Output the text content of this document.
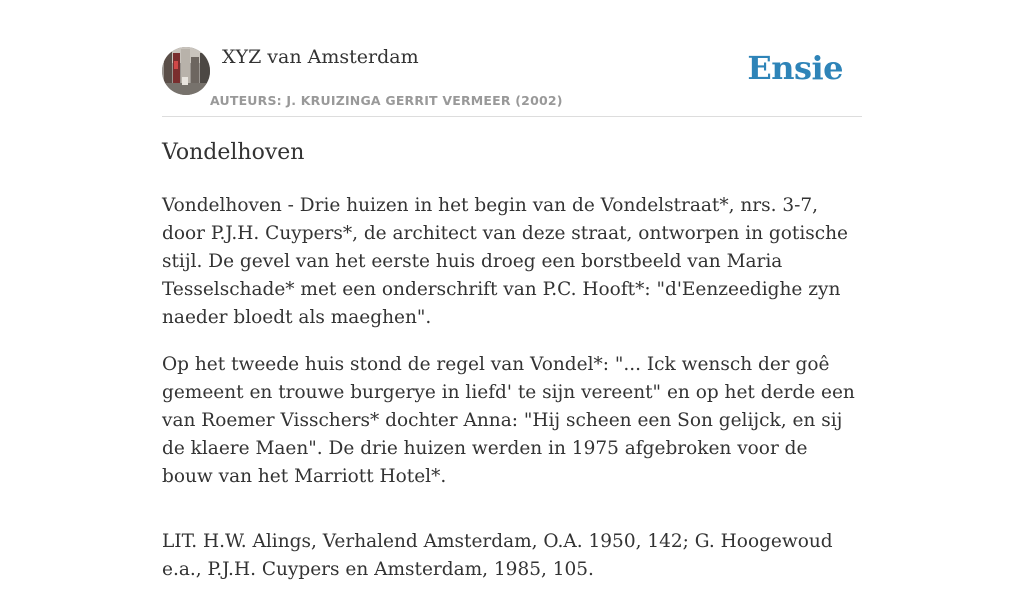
XYZ van Amsterdam
AUTEURS: J. KRUIZINGA GERRIT VERMEER (2002)
Ensie
Vondelhoven

Vondelhoven - Drie huizen in het begin van de Vondelstraat*, nrs. 3-7, door P.J.H. Cuypers*, de architect van deze straat, ontworpen in gotische stijl. De gevel van het eerste huis droeg een borstbeeld van Maria Tesselschade* met een onderschrift van P.C. Hooft*: "d'Eenzeedighe zyn naeder bloedt als maeghen".

Op het tweede huis stond de regel van Vondel*: "... Ick wensch der goê gemeent en trouwe burgerye in liefd' te sijn vereent" en op het derde een van Roemer Visschers* dochter Anna: "Hij scheen een Son gelijck, en sij de klaere Maen". De drie huizen werden in 1975 afgebroken voor de bouw van het Marriott Hotel*.

LIT. H.W. Alings, Verhalend Amsterdam, O.A. 1950, 142; G. Hoogewoud e.a., P.J.H. Cuypers en Amsterdam, 1985, 105.
